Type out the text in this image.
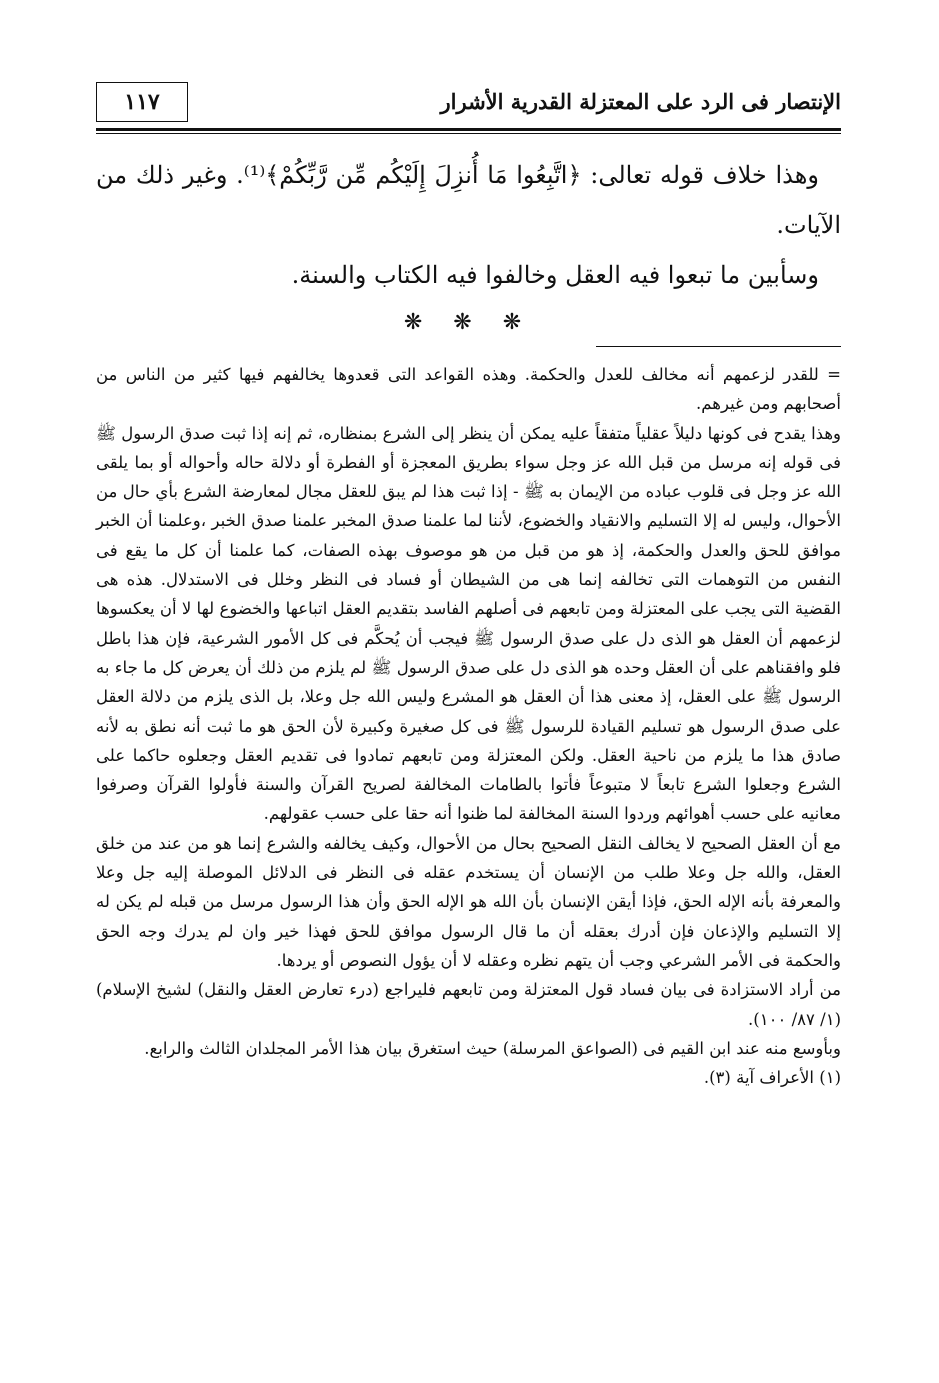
١١٧	الإنتصار فى الرد على المعتزلة القدرية الأشرار

وهذا خلاف قوله تعالى: ﴿اتَّبِعُوا مَا أُنزِلَ إِلَيْكُم مِّن رَّبِّكُمْ﴾⁽¹⁾. وغير ذلك من الآيات.

وسأبين ما تبعوا فيه العقل وخالفوا فيه الكتاب والسنة.

❋ ❋ ❋

= للقدر لزعمهم أنه مخالف للعدل والحكمة. وهذه القواعد التى قعدوها يخالفهم فيها كثير من الناس من أصحابهم ومن غيرهم.

وهذا يقدح فى كونها دليلاً عقلياً متفقاً عليه يمكن أن ينظر إلى الشرع بمنظاره، ثم إنه إذا ثبت صدق الرسول ﷺ فى قوله إنه مرسل من قبل الله عز وجل سواء بطريق المعجزة أو الفطرة أو دلالة حاله وأحواله أو بما يلقى الله عز وجل فى قلوب عباده من الإيمان به ﷺ - إذا ثبت هذا لم يبق للعقل مجال لمعارضة الشرع بأي حال من الأحوال، وليس له إلا التسليم والانقياد والخضوع، لأننا لما علمنا صدق المخبر علمنا صدق الخبر ،وعلمنا أن الخبر موافق للحق والعدل والحكمة، إذ هو من قبل من هو موصوف بهذه الصفات، كما علمنا أن كل ما يقع فى النفس من التوهمات التى تخالفه إنما هى من الشيطان أو فساد فى النظر وخلل فى الاستدلال. هذه هى القضية التى يجب على المعتزلة ومن تابعهم فى أصلهم الفاسد بتقديم العقل اتباعها والخضوع لها لا أن يعكسوها لزعمهم أن العقل هو الذى دل على صدق الرسول ﷺ فيجب أن يُحكَّم فى كل الأمور الشرعية، فإن هذا باطل فلو وافقناهم على أن العقل وحده هو الذى دل على صدق الرسول ﷺ لم يلزم من ذلك أن يعرض كل ما جاء به الرسول ﷺ على العقل، إذ معنى هذا أن العقل هو المشرع وليس الله جل وعلا، بل الذى يلزم من دلالة العقل على صدق الرسول هو تسليم القيادة للرسول ﷺ فى كل صغيرة وكبيرة لأن الحق هو ما ثبت أنه نطق به لأنه صادق هذا ما يلزم من ناحية العقل. ولكن المعتزلة ومن تابعهم تمادوا فى تقديم العقل وجعلوه حاكما على الشرع وجعلوا الشرع تابعاً لا متبوعاً فأتوا بالطامات المخالفة لصريح القرآن والسنة فأولوا القرآن وصرفوا معانيه على حسب أهوائهم وردوا السنة المخالفة لما ظنوا أنه حقا على حسب عقولهم.

مع أن العقل الصحيح لا يخالف النقل الصحيح بحال من الأحوال، وكيف يخالفه والشرع إنما هو من عند من خلق العقل، والله جل وعلا طلب من الإنسان أن يستخدم عقله فى النظر فى الدلائل الموصلة إليه جل وعلا والمعرفة بأنه الإله الحق، فإذا أيقن الإنسان بأن الله هو الإله الحق وأن هذا الرسول مرسل من قبله لم يكن له إلا التسليم والإذعان فإن أدرك بعقله أن ما قال الرسول موافق للحق فهذا خير وان لم يدرك وجه الحق والحكمة فى الأمر الشرعي وجب أن يتهم نظره وعقله لا أن يؤول النصوص أو يردها.

من أراد الاستزادة فى بيان فساد قول المعتزلة ومن تابعهم فليراجع (درء تعارض العقل والنقل) لشيخ الإسلام) (١/ ٨٧/ ١٠٠).

وبأوسع منه عند ابن القيم فى (الصواعق المرسلة) حيث استغرق بيان هذا الأمر المجلدان الثالث والرابع.

(١) الأعراف آية (٣).
